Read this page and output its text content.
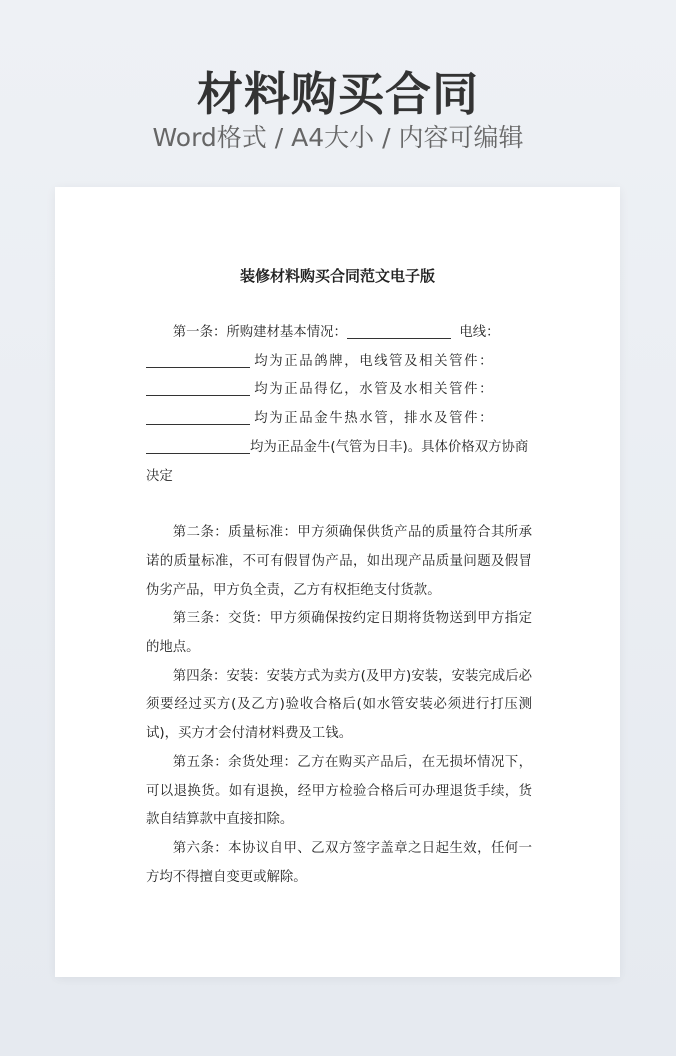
材料购买合同
Word格式 / A4大小 / 内容可编辑
装修材料购买合同范文电子版
第一条：所购建材基本情况：	电线：
均为正品鸽牌，电线管及相关管件：
均为正品得亿，水管及水相关管件：
均为正品金牛热水管，排水及管件：
均为正品金牛(气管为日丰)。具体价格双方协商决定

第二条：质量标准：甲方须确保供货产品的质量符合其所承诺的质量标准，不可有假冒伪产品，如出现产品质量问题及假冒伪劣产品，甲方负全责，乙方有权拒绝支付货款。

第三条：交货：甲方须确保按约定日期将货物送到甲方指定的地点。

第四条：安装：安装方式为卖方(及甲方)安装，安装完成后必须要经过买方(及乙方)验收合格后(如水管安装必须进行打压测试)，买方才会付清材料费及工钱。

第五条：余货处理：乙方在购买产品后，在无损坏情况下，可以退换货。如有退换，经甲方检验合格后可办理退货手续，货款自结算款中直接扣除。

第六条：本协议自甲、乙双方签字盖章之日起生效，任何一方均不得擅自变更或解除。
